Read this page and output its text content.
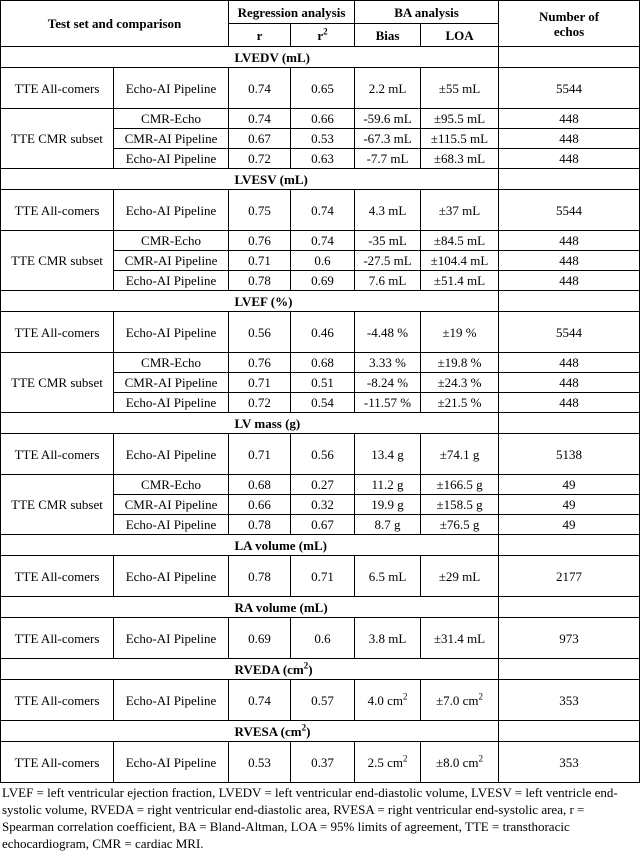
Test set and comparison		Regression analysis		BA analysis		Number of echos
		r	$r^2$	Bias	LOA	
		LVEDV (mL)				
TTE All-comers	Echo-AI Pipeline	0.74	0.65	2.2 mL	±55 mL	5544
TTE CMR subset	CMR-Echo	0.74	0.66	-59.6 mL	±95.5 mL	448
	CMR-AI Pipeline	0.67	0.53	-67.3 mL	±115.5 mL	448
	Echo-AI Pipeline	0.72	0.63	-7.7 mL	±68.3 mL	448
		LVESV (mL)				
TTE All-comers	Echo-AI Pipeline	0.75	0.74	4.3 mL	±37 mL	5544
TTE CMR subset	CMR-Echo	0.76	0.74	-35 mL	±84.5 mL	448
	CMR-AI Pipeline	0.71	0.6	-27.5 mL	±104.4 mL	448
	Echo-AI Pipeline	0.78	0.69	7.6 mL	±51.4 mL	448
		LVEF (%)				
TTE All-comers	Echo-AI Pipeline	0.56	0.46	-4.48 %	±19 %	5544
TTE CMR subset	CMR-Echo	0.76	0.68	3.33 %	±19.8 %	448
	CMR-AI Pipeline	0.71	0.51	-8.24 %	±24.3 %	448
	Echo-AI Pipeline	0.72	0.54	-11.57 %	±21.5 %	448
		LV mass (g)				
TTE All-comers	Echo-AI Pipeline	0.71	0.56	13.4 g	±74.1 g	5138
TTE CMR subset	CMR-Echo	0.68	0.27	11.2 g	±166.5 g	49
	CMR-AI Pipeline	0.66	0.32	19.9 g	±158.5 g	49
	Echo-AI Pipeline	0.78	0.67	8.7 g	±76.5 g	49
		LA volume (mL)				
TTE All-comers	Echo-AI Pipeline	0.78	0.71	6.5 mL	±29 mL	2177
		RA volume (mL)				
TTE All-comers	Echo-AI Pipeline	0.69	0.6	3.8 mL	±31.4 mL	973
		RVEDA $(cm^2)$				
TTE All-comers	Echo-AI Pipeline	0.74	0.57	4.0 $cm^2$	±7.0 $cm^2$	353
		RVESA $(cm^2)$				
TTE All-comers	Echo-AI Pipeline	0.53	0.37	2.5 $cm^2$	±8.0 $cm^2$	353
LVEF = left ventricular ejection fraction, LVEDV = left ventricular end-diastolic volume, LVESV = left ventricle end-systolic volume, RVEDA = right ventricular end-diastolic area, RVESA = right ventricular end-systolic area, r = Spearman correlation coefficient, BA = Bland-Altman, LOA = 95% limits of agreement, TTE = transthoracic echocardiogram, CMR = cardiac MRI.
